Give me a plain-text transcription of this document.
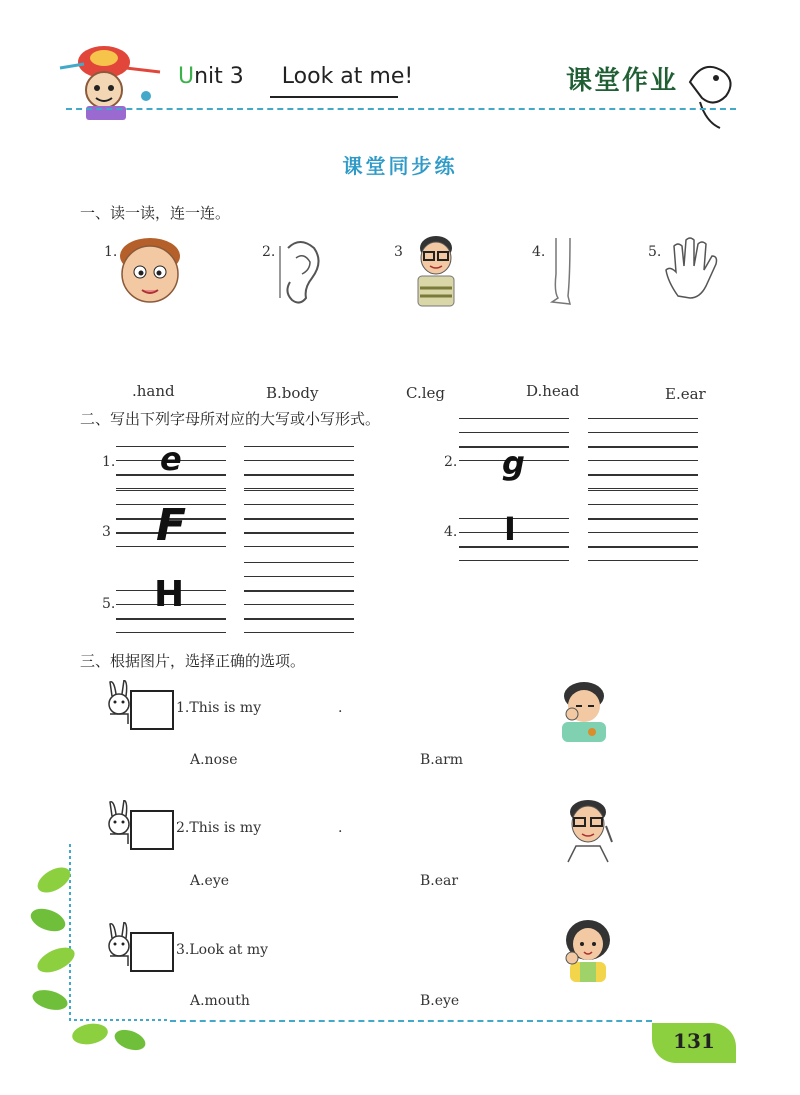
Unit 3 Look at me!	课堂作业
课堂同步练
一、读一读，连一连。
1.	2.	3	4.	5.
.hand	B.body	C.leg	D.head	E.ear
二、写出下列字母所对应的大写或小写形式。
1. e	2. g
3 F	4. I
5. H
三、根据图片，选择正确的选项。
1.This is my	.
A.nose	B.arm
2.This is my	.
A.eye	B.ear
3.Look at my
A.mouth	B.eye
131
